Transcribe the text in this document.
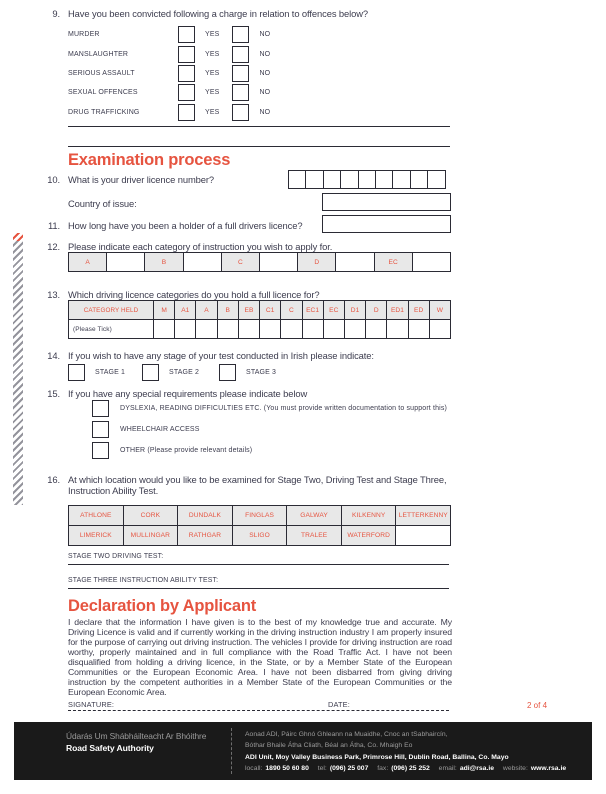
9. Have you been convicted following a charge in relation to offences below?
MURDER	YES	NO
MANSLAUGHTER	YES	NO
SERIOUS ASSAULT	YES	NO
SEXUAL OFFENCES	YES	NO
DRUG TRAFFICKING	YES	NO
Examination process
10. What is your driver licence number?
Country of issue:
11. How long have you been a holder of a full drivers licence?
12. Please indicate each category of instruction you wish to apply for.
A	B	C	D	EC
13. Which driving licence categories do you hold a full licence for?
CATEGORY HELD	M	A1	A	B	EB	C1	C	EC1	EC	D1	D	ED1	ED	W
(Please Tick)
14. If you wish to have any stage of your test conducted in Irish please indicate:
STAGE 1	STAGE 2	STAGE 3
15. If you have any special requirements please indicate below
DYSLEXIA, READING DIFFICULTIES ETC. (You must provide written documentation to support this)
WHEELCHAIR ACCESS
OTHER (Please provide relevant details)
16. At which location would you like to be examined for Stage Two, Driving Test and Stage Three,
Instruction Ability Test.
ATHLONE	CORK	DUNDALK	FINGLAS	GALWAY	KILKENNY	LETTERKENNY
LIMERICK	MULLINGAR	RATHGAR	SLIGO	TRALEE	WATERFORD
STAGE TWO DRIVING TEST:
STAGE THREE INSTRUCTION ABILITY TEST:
Declaration by Applicant
I declare that the information I have given is to the best of my knowledge true and accurate. My Driving Licence is valid and if currently working in the driving instruction industry I am properly insured for the purpose of carrying out driving instruction. The vehicles I provide for driving instruction are road worthy, properly maintained and in full compliance with the Road Traffic Act. I have not been disqualified from holding a driving licence, in the State, or by a Member State of the European Communities or the European Economic Area. I have not been disbarred from giving driving instruction by the competent authorities in a Member State of the European Communities or the European Economic Area.
SIGNATURE:	DATE:	2 of 4
Údarás Um Shábháilteacht Ar Bhóithre
Road Safety Authority
Aonad ADI, Páirc Ghnó Ghleann na Muaidhe, Cnoc an tSabhaircín,
Bóthar Bhaile Átha Cliath, Béal an Átha, Co. Mhaigh Eo
ADI Unit, Moy Valley Business Park, Primrose Hill, Dublin Road, Ballina, Co. Mayo
locall: 1890 50 60 80 tel: (096) 25 007 fax: (096) 25 252 email: adi@rsa.ie website: www.rsa.ie
